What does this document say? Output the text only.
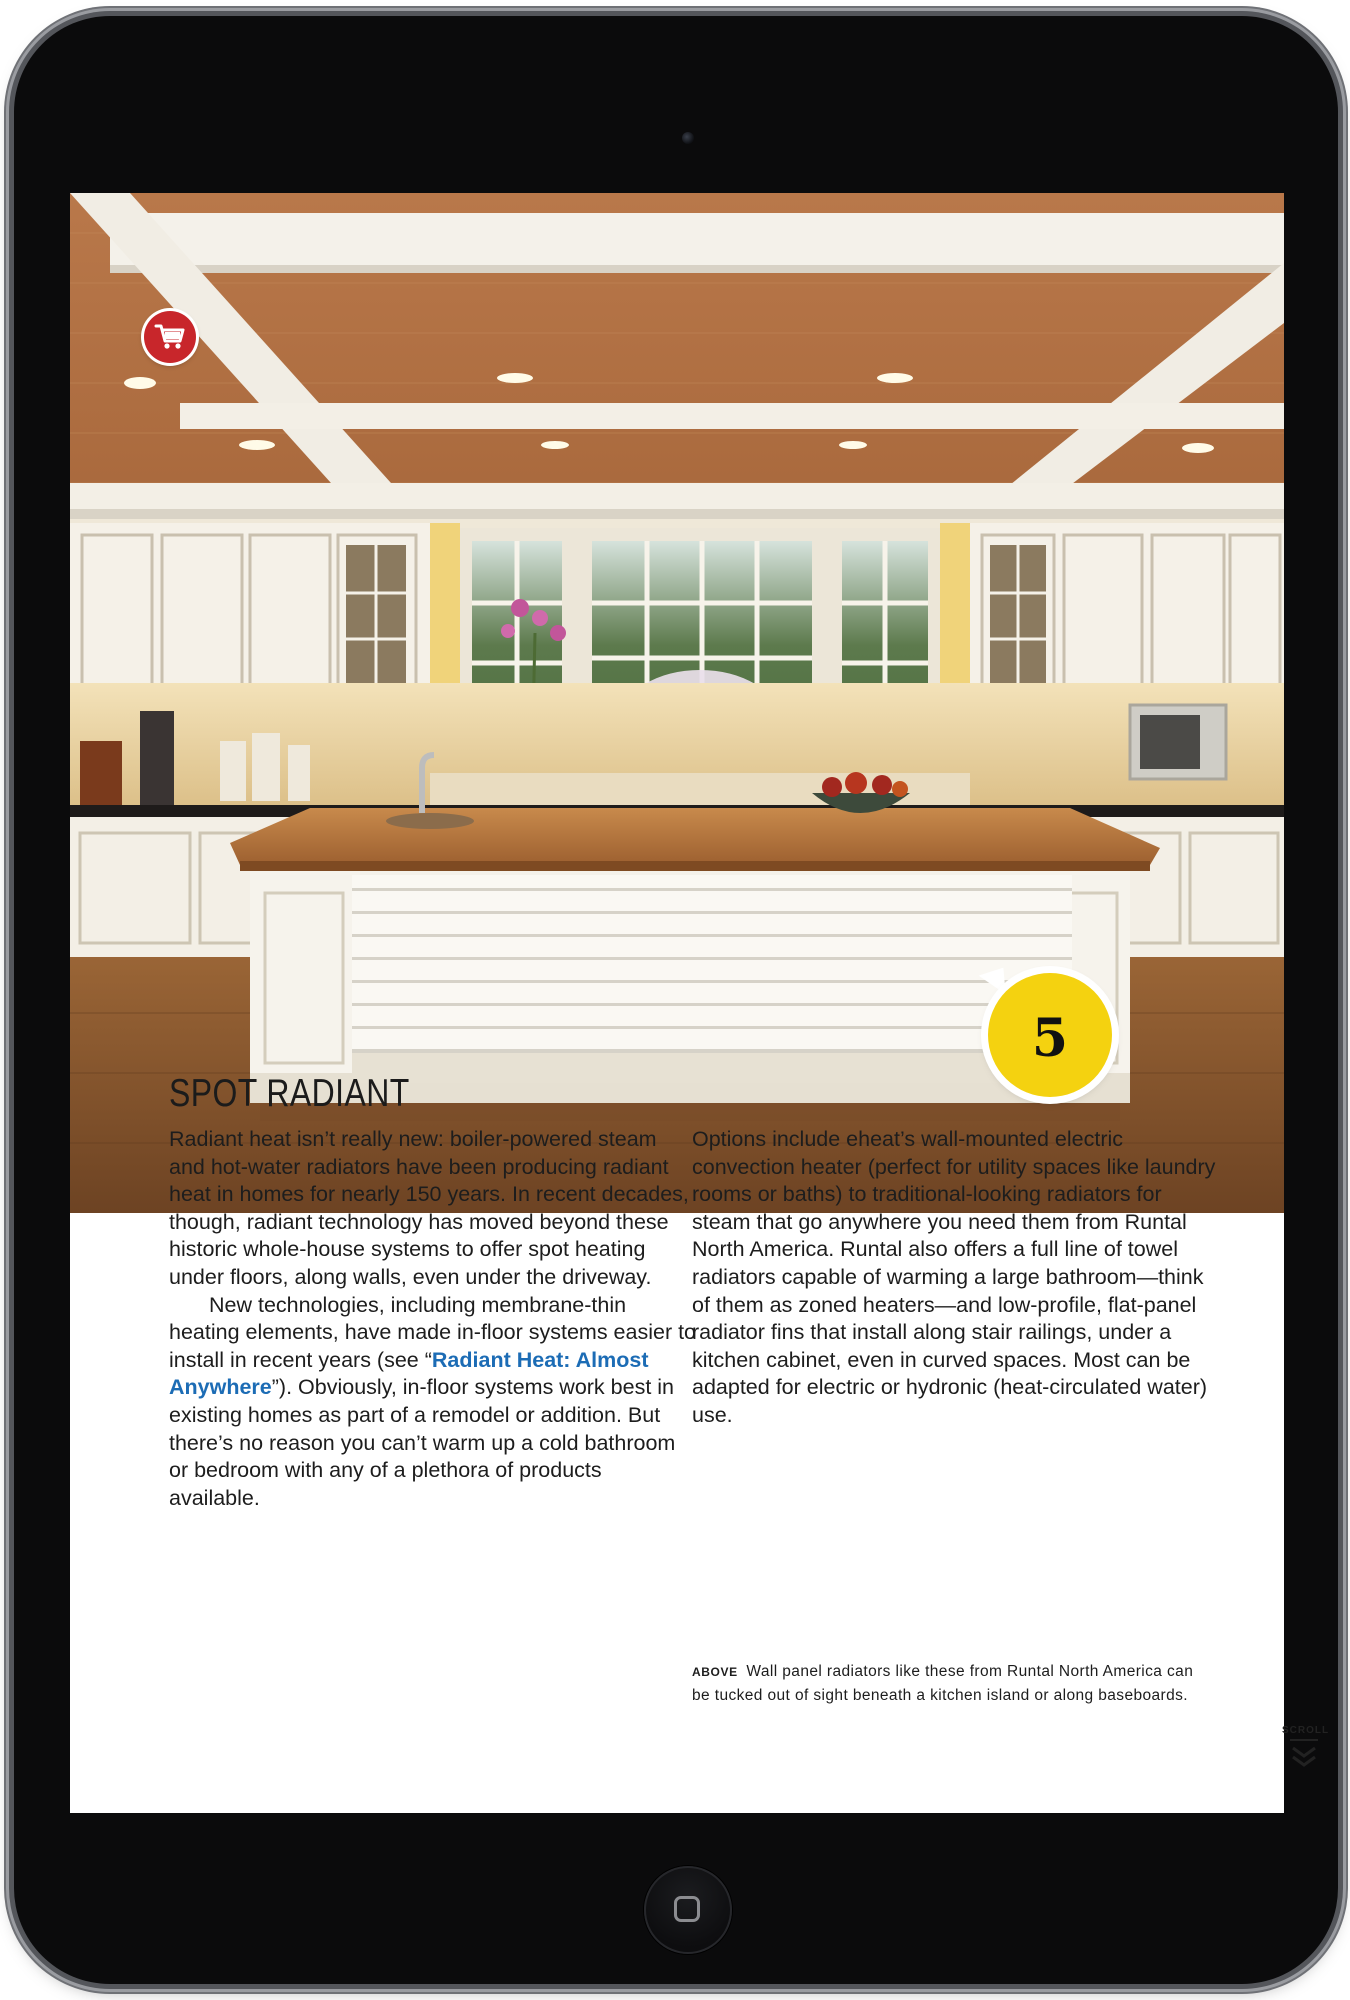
5
SPOT RADIANT

Radiant heat isn’t really new: boiler-powered steam and hot-water radiators have been producing radiant heat in homes for nearly 150 years. In recent decades, though, radiant technology has moved beyond these historic whole-house systems to offer spot heating under floors, along walls, even under the driveway.

New technologies, including membrane-thin heating elements, have made in-floor systems easier to install in recent years (see “Radiant Heat: Almost Anywhere”). Obviously, in-floor systems work best in existing homes as part of a remodel or addition. But there’s no reason you can’t warm up a cold bathroom or bedroom with any of a plethora of products available.

Options include eheat’s wall-mounted electric convection heater (perfect for utility spaces like laundry rooms or baths) to traditional-looking radiators for steam that go anywhere you need them from Runtal North America. Runtal also offers a full line of towel radiators capable of warming a large bathroom—think of them as zoned heaters—and low-profile, flat-panel radiator fins that install along stair railings, under a kitchen cabinet, even in curved spaces. Most can be adapted for electric or hydronic (heat-circulated water) use.

ABOVE Wall panel radiators like these from Runtal North America can be tucked out of sight beneath a kitchen island or along baseboards.
SCROLL
